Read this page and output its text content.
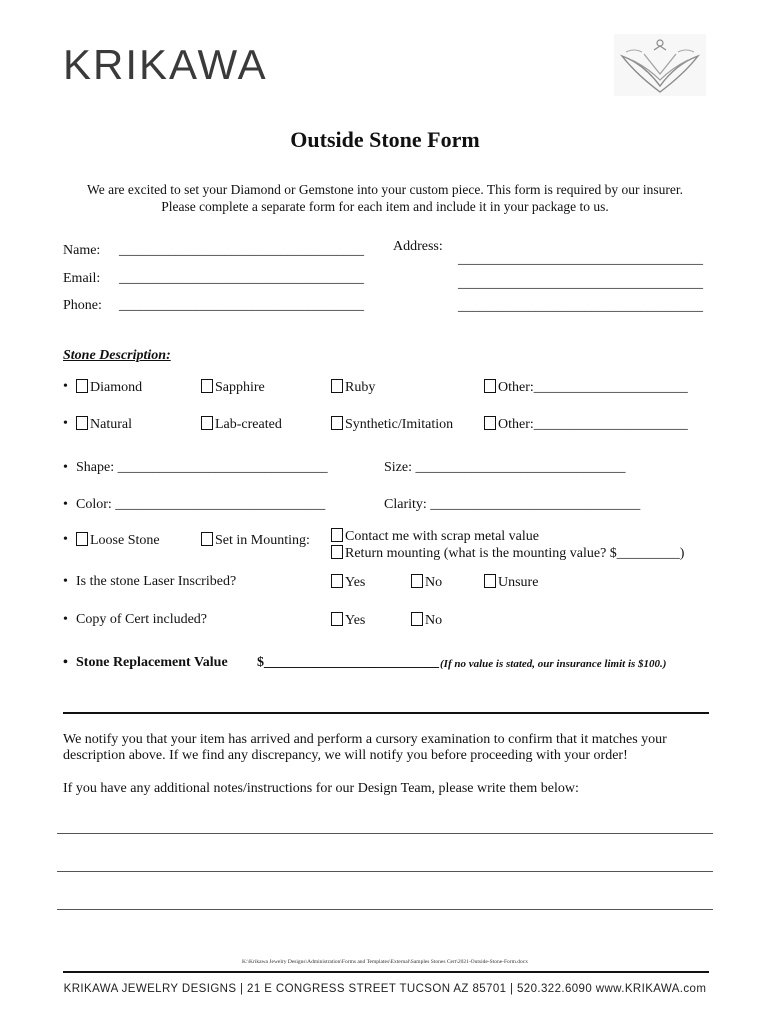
KRIKAWA
Outside Stone Form
We are excited to set your Diamond or Gemstone into your custom piece. This form is required by our insurer.
Please complete a separate form for each item and include it in your package to us.
Name: ___________________________________
Email: ___________________________________
Phone: ___________________________________
Address:
___________________________________
___________________________________
___________________________________
Stone Description:
•	Diamond	Sapphire	Ruby	Other:______________________
•	Natural	Lab-created	Synthetic/Imitation	Other:______________________
• Shape: ______________________________	Size: ______________________________
• Color: ______________________________	Clarity: ______________________________
•	Loose Stone	Set in Mounting:	Contact me with scrap metal value
Return mounting (what is the mounting value? $_________)
• Is the stone Laser Inscribed?	Yes	No	Unsure
• Copy of Cert included?	Yes	No
• Stone Replacement Value $_________________________ (If no value is stated, our insurance limit is $100.)
We notify you that your item has arrived and perform a cursory examination to confirm that it matches your
description above. If we find any discrepancy, we will notify you before proceeding with your order!
If you have any additional notes/instructions for our Design Team, please write them below:
K:\Krikawa Jewelry Designs\Administration\Forms and Templates\External\Samples Stones Cert\2021-Outside-Stone-Form.docx
KRIKAWA JEWELRY DESIGNS | 21 E CONGRESS STREET TUCSON AZ 85701 | 520.322.6090 www.KRIKAWA.com
